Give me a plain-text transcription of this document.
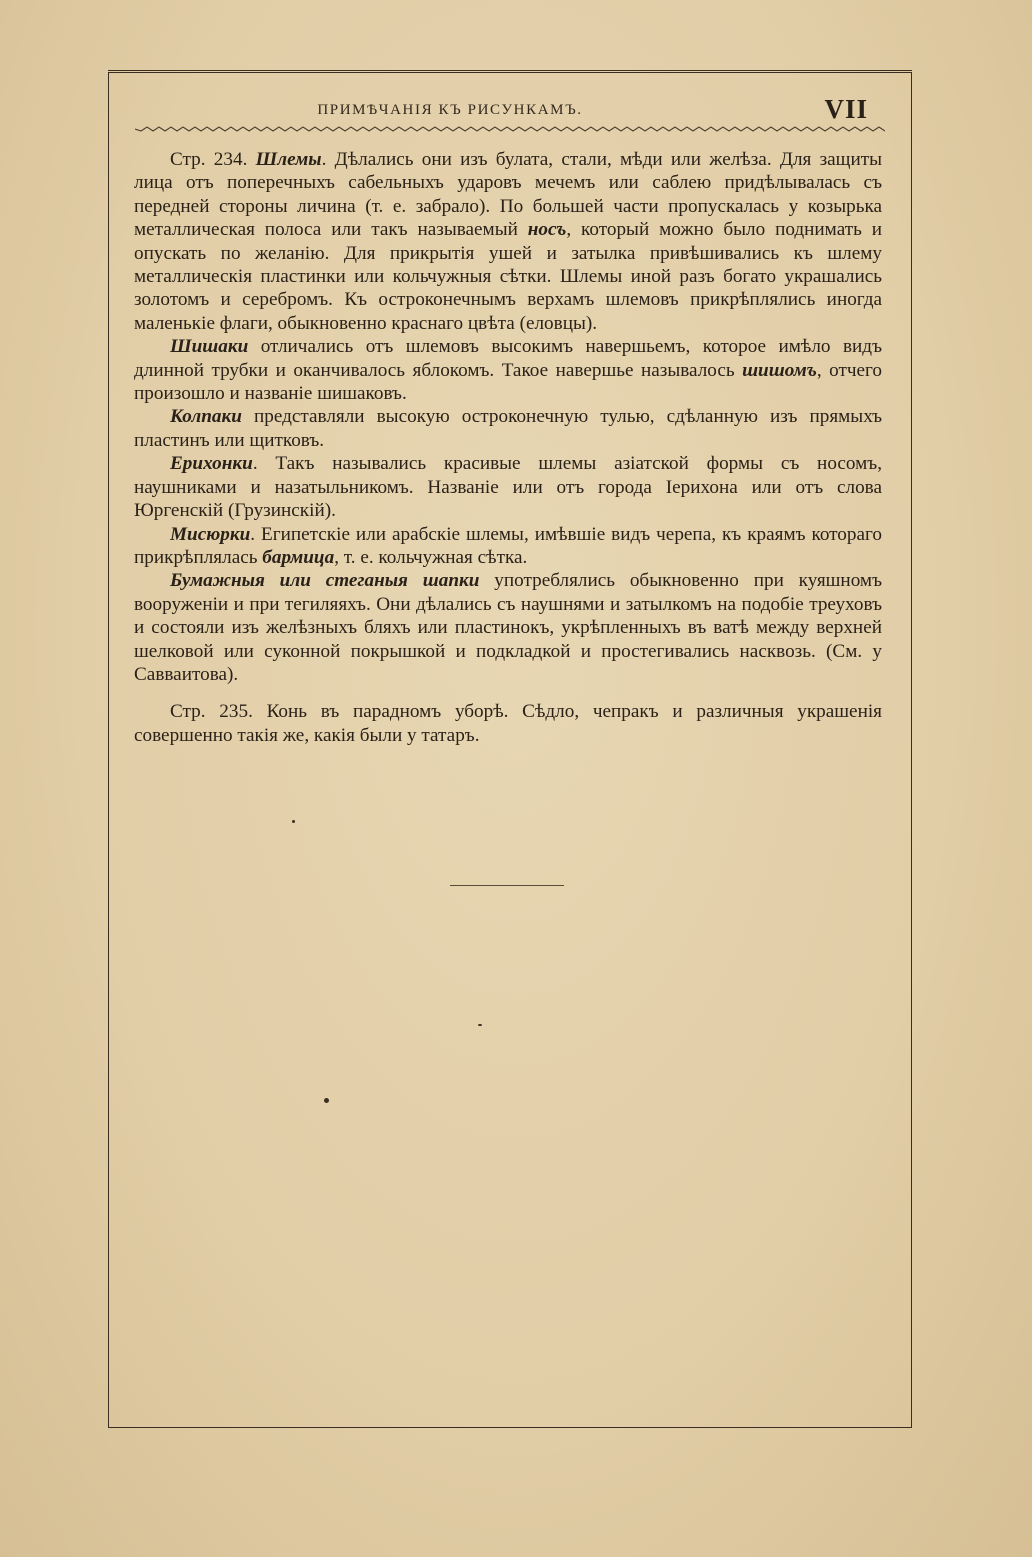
ПРИМѢЧАНІЯ КЪ РИСУНКАМЪ.	VII

Стр. 234. Шлемы. Дѣлались они изъ булата, стали, мѣди или желѣза. Для защиты лица отъ поперечныхъ сабельныхъ ударовъ мечемъ или саблею придѣлывалась съ передней стороны личина (т. е. забрало). По большей части пропускалась у козырька металлическая полоса или такъ называемый носъ, который можно было поднимать и опускать по желанію. Для прикрытія ушей и затылка привѣшивались къ шлему металлическія пластинки или кольчужныя сѣтки. Шлемы иной разъ богато украшались золотомъ и серебромъ. Къ остроконечнымъ верхамъ шлемовъ прикрѣплялись иногда маленькіе флаги, обыкновенно краснаго цвѣта (еловцы).

Шишаки отличались отъ шлемовъ высокимъ навершьемъ, которое имѣло видъ длинной трубки и оканчивалось яблокомъ. Такое навершье называлось шишомъ, отчего произошло и названіе шишаковъ.

Колпаки представляли высокую остроконечную тулью, сдѣланную изъ прямыхъ пластинъ или щитковъ.

Ерихонки. Такъ назывались красивые шлемы азіатской формы съ носомъ, наушниками и назатыльникомъ. Названіе или отъ города Іерихона или отъ слова Юргенскій (Грузинскій).

Мисюрки. Египетскіе или арабскіе шлемы, имѣвшіе видъ черепа, къ краямъ котораго прикрѣплялась бармица, т. е. кольчужная сѣтка.

Бумажныя или стеганыя шапки употреблялись обыкновенно при куяшномъ вооруженіи и при тегиляяхъ. Они дѣлались съ наушнями и затылкомъ на подобіе треуховъ и состояли изъ желѣзныхъ бляхъ или пластинокъ, укрѣпленныхъ въ ватѣ между верхней шелковой или суконной покрышкой и подкладкой и простегивались насквозь. (См. у Савваитова).

Стр. 235. Конь въ парадномъ уборѣ. Сѣдло, чепракъ и различныя украшенія совершенно такія же, какія были у татаръ.
